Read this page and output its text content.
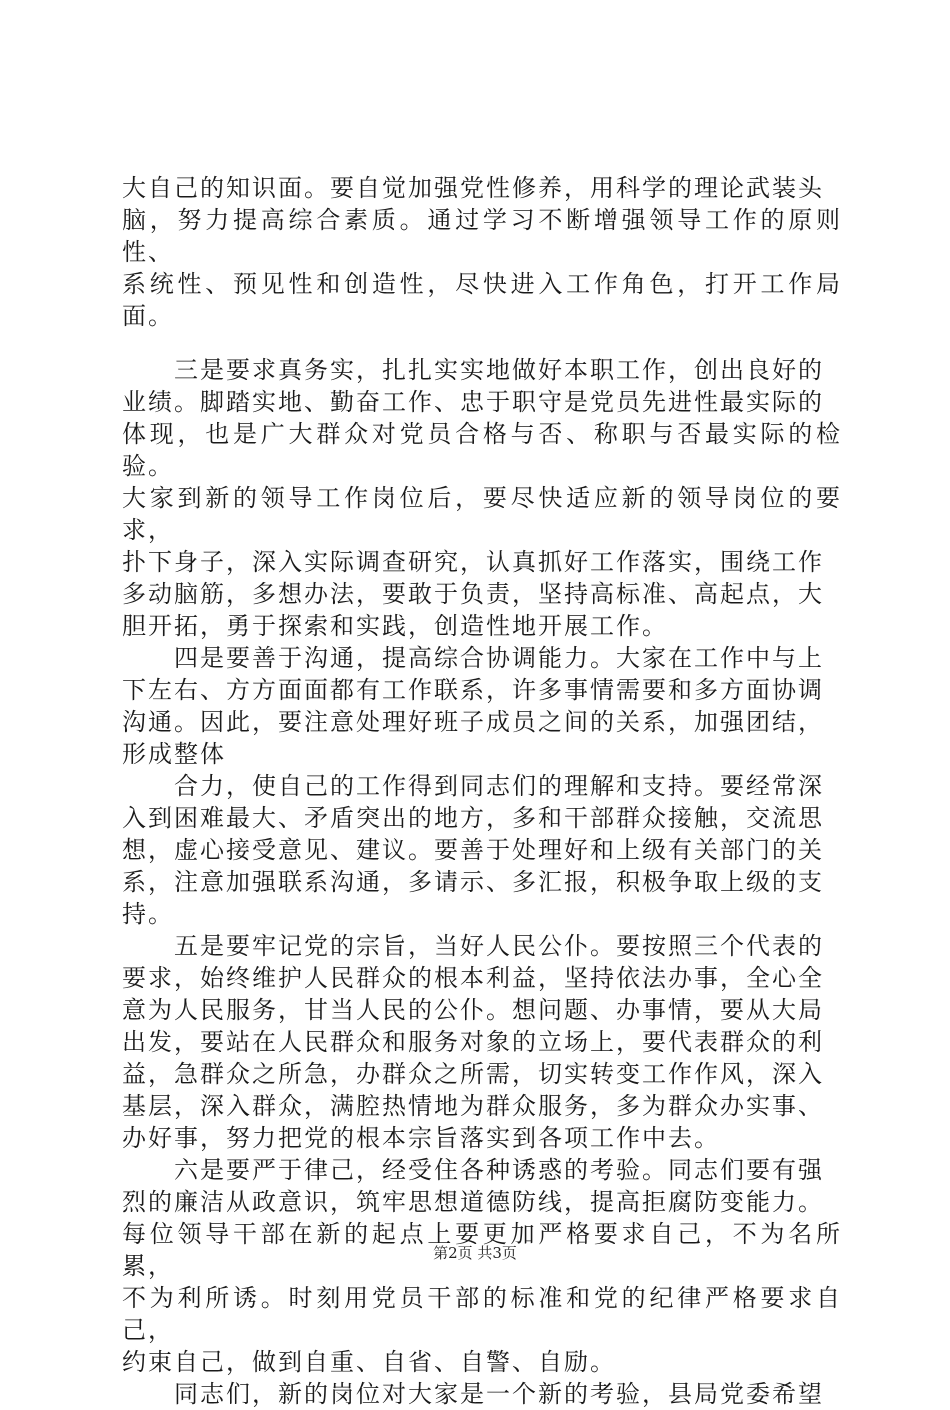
大自己的知识面。要自觉加强党性修养，用科学的理论武装头
脑，努力提高综合素质。通过学习不断增强领导工作的原则性、
系统性、预见性和创造性，尽快进入工作角色，打开工作局面。
　　三是要求真务实，扎扎实实地做好本职工作，创出良好的
业绩。脚踏实地、勤奋工作、忠于职守是党员先进性最实际的
体现，也是广大群众对党员合格与否、称职与否最实际的检验。
大家到新的领导工作岗位后，要尽快适应新的领导岗位的要求，
扑下身子，深入实际调查研究，认真抓好工作落实，围绕工作
多动脑筋，多想办法，要敢于负责，坚持高标准、高起点，大
胆开拓，勇于探索和实践，创造性地开展工作。
　　四是要善于沟通，提高综合协调能力。大家在工作中与上
下左右、方方面面都有工作联系，许多事情需要和多方面协调
沟通。因此，要注意处理好班子成员之间的关系，加强团结，
形成整体
　　合力，使自己的工作得到同志们的理解和支持。要经常深
入到困难最大、矛盾突出的地方，多和干部群众接触，交流思
想，虚心接受意见、建议。要善于处理好和上级有关部门的关
系，注意加强联系沟通，多请示、多汇报，积极争取上级的支
持。
　　五是要牢记党的宗旨，当好人民公仆。要按照三个代表的
要求，始终维护人民群众的根本利益，坚持依法办事，全心全
意为人民服务，甘当人民的公仆。想问题、办事情，要从大局
出发，要站在人民群众和服务对象的立场上，要代表群众的利
益，急群众之所急，办群众之所需，切实转变工作作风，深入
基层，深入群众，满腔热情地为群众服务，多为群众办实事、
办好事，努力把党的根本宗旨落实到各项工作中去。
　　六是要严于律己，经受住各种诱惑的考验。同志们要有强
烈的廉洁从政意识，筑牢思想道德防线，提高拒腐防变能力。
每位领导干部在新的起点上要更加严格要求自己，不为名所累，
不为利所诱。时刻用党员干部的标准和党的纪律严格要求自己，
约束自己，做到自重、自省、自警、自励。
　　同志们，新的岗位对大家是一个新的考验，县局党委希望
第2页 共3页
